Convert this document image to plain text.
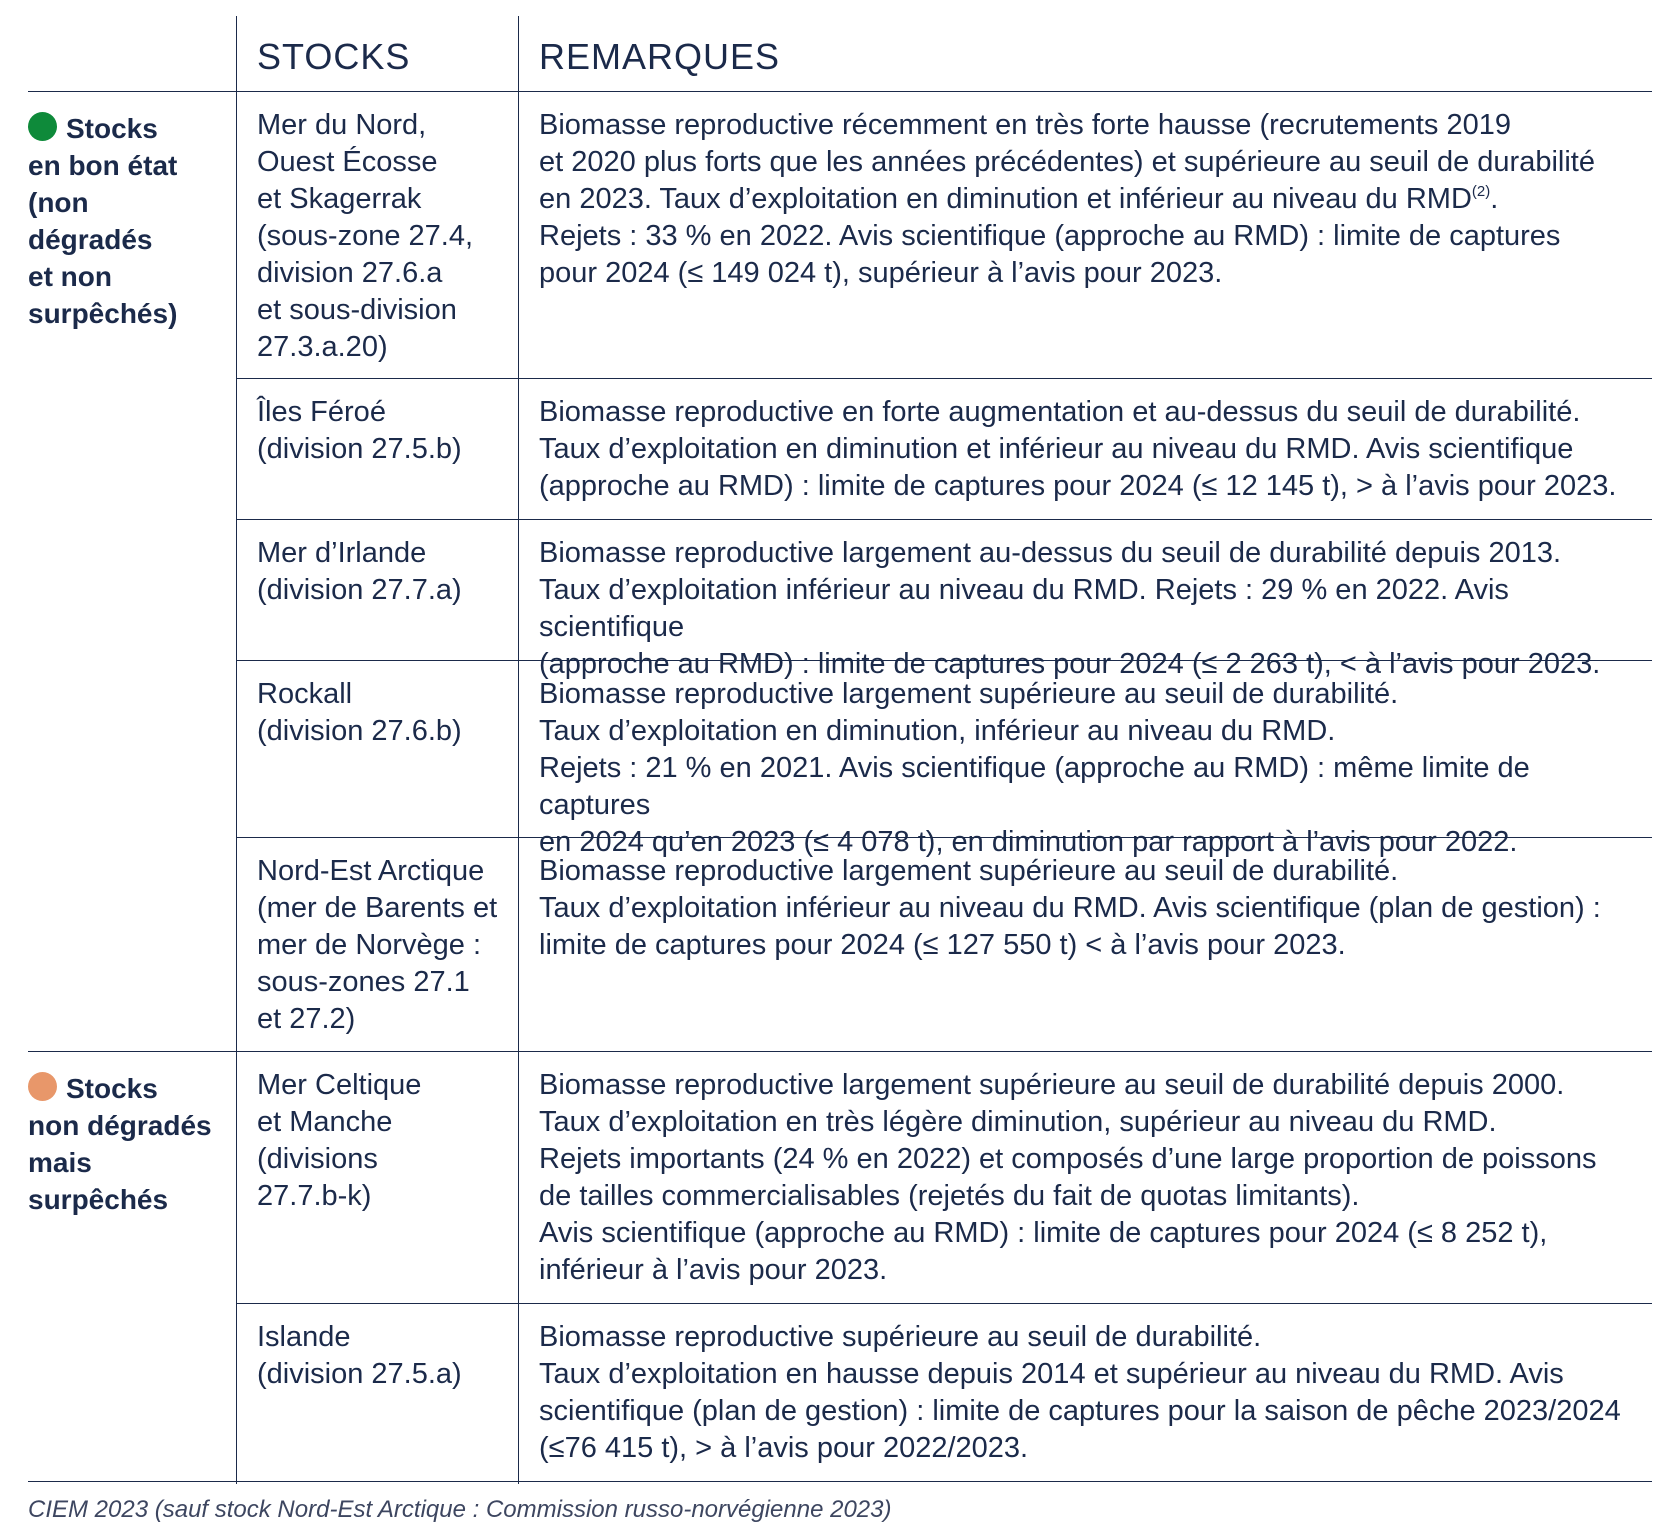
STOCKS	REMARQUES
Stocks
en bon état
(non
dégradés
et non
surpêchés)
Stocks
non dégradés
mais
surpêchés
Mer du Nord,
Ouest Écosse
et Skagerrak
(sous-zone 27.4,
division 27.6.a
et sous-division
27.3.a.20)
Biomasse reproductive récemment en très forte hausse (recrutements 2019
et 2020 plus forts que les années précédentes) et supérieure au seuil de durabilité
en 2023. Taux d’exploitation en diminution et inférieur au niveau du RMD$^{(2)}$.
Rejets : 33 % en 2022. Avis scientifique (approche au RMD) : limite de captures
pour 2024 (≤ 149 024 t), supérieur à l’avis pour 2023.
Îles Féroé
(division 27.5.b)
Biomasse reproductive en forte augmentation et au-dessus du seuil de durabilité.
Taux d’exploitation en diminution et inférieur au niveau du RMD. Avis scientifique
(approche au RMD) : limite de captures pour 2024 (≤ 12 145 t), > à l’avis pour 2023.
Mer d’Irlande
(division 27.7.a)
Biomasse reproductive largement au-dessus du seuil de durabilité depuis 2013.
Taux d’exploitation inférieur au niveau du RMD. Rejets : 29 % en 2022. Avis scientifique
(approche au RMD) : limite de captures pour 2024 (≤ 2 263 t), < à l’avis pour 2023.
Rockall
(division 27.6.b)
Biomasse reproductive largement supérieure au seuil de durabilité.
Taux d’exploitation en diminution, inférieur au niveau du RMD.
Rejets : 21 % en 2021. Avis scientifique (approche au RMD) : même limite de captures
en 2024 qu’en 2023 (≤ 4 078 t), en diminution par rapport à l’avis pour 2022.
Nord-Est Arctique
(mer de Barents et
mer de Norvège :
sous-zones 27.1
et 27.2)
Biomasse reproductive largement supérieure au seuil de durabilité.
Taux d’exploitation inférieur au niveau du RMD. Avis scientifique (plan de gestion) :
limite de captures pour 2024 (≤ 127 550 t) < à l’avis pour 2023.
Mer Celtique
et Manche
(divisions
27.7.b-k)
Biomasse reproductive largement supérieure au seuil de durabilité depuis 2000.
Taux d’exploitation en très légère diminution, supérieur au niveau du RMD.
Rejets importants (24 % en 2022) et composés d’une large proportion de poissons
de tailles commercialisables (rejetés du fait de quotas limitants).
Avis scientifique (approche au RMD) : limite de captures pour 2024 (≤ 8 252 t),
inférieur à l’avis pour 2023.
Islande
(division 27.5.a)
Biomasse reproductive supérieure au seuil de durabilité.
Taux d’exploitation en hausse depuis 2014 et supérieur au niveau du RMD. Avis
scientifique (plan de gestion) : limite de captures pour la saison de pêche 2023/2024
(≤76 415 t), > à l’avis pour 2022/2023.
CIEM 2023 (sauf stock Nord-Est Arctique : Commission russo-norvégienne 2023)
